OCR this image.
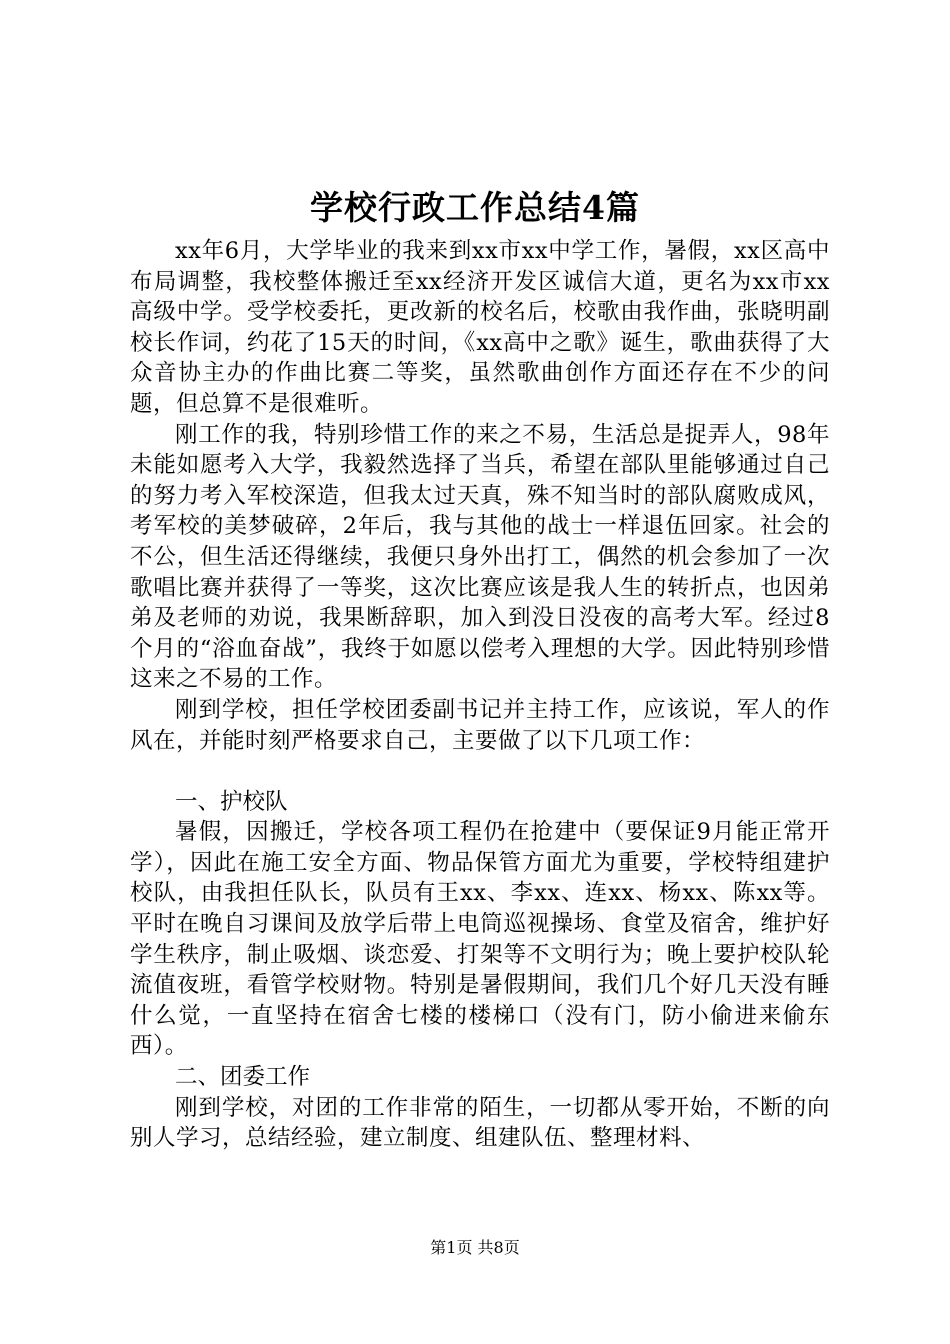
学校行政工作总结4篇

xx年6月，大学毕业的我来到xx市xx中学工作，暑假，xx区高中布局调整，我校整体搬迁至xx经济开发区诚信大道，更名为xx市xx高级中学。受学校委托，更改新的校名后，校歌由我作曲，张晓明副校长作词，约花了15天的时间，《xx高中之歌》诞生，歌曲获得了大众音协主办的作曲比赛二等奖，虽然歌曲创作方面还存在不少的问题，但总算不是很难听。

刚工作的我，特别珍惜工作的来之不易，生活总是捉弄人，98年未能如愿考入大学，我毅然选择了当兵，希望在部队里能够通过自己的努力考入军校深造，但我太过天真，殊不知当时的部队腐败成风，考军校的美梦破碎，2年后，我与其他的战士一样退伍回家。社会的不公，但生活还得继续，我便只身外出打工，偶然的机会参加了一次歌唱比赛并获得了一等奖，这次比赛应该是我人生的转折点，也因弟弟及老师的劝说，我果断辞职，加入到没日没夜的高考大军。经过8个月的“浴血奋战”，我终于如愿以偿考入理想的大学。因此特别珍惜这来之不易的工作。

刚到学校，担任学校团委副书记并主持工作，应该说，军人的作风在，并能时刻严格要求自己，主要做了以下几项工作：

一、护校队

暑假，因搬迁，学校各项工程仍在抢建中（要保证9月能正常开学），因此在施工安全方面、物品保管方面尤为重要，学校特组建护校队，由我担任队长，队员有王xx、李xx、连xx、杨xx、陈xx等。平时在晚自习课间及放学后带上电筒巡视操场、食堂及宿舍，维护好学生秩序，制止吸烟、谈恋爱、打架等不文明行为；晚上要护校队轮流值夜班，看管学校财物。特别是暑假期间，我们几个好几天没有睡什么觉，一直坚持在宿舍七楼的楼梯口（没有门，防小偷进来偷东西）。

二、团委工作

刚到学校，对团的工作非常的陌生，一切都从零开始，不断的向别人学习，总结经验，建立制度、组建队伍、整理材料、

第1页 共8页
